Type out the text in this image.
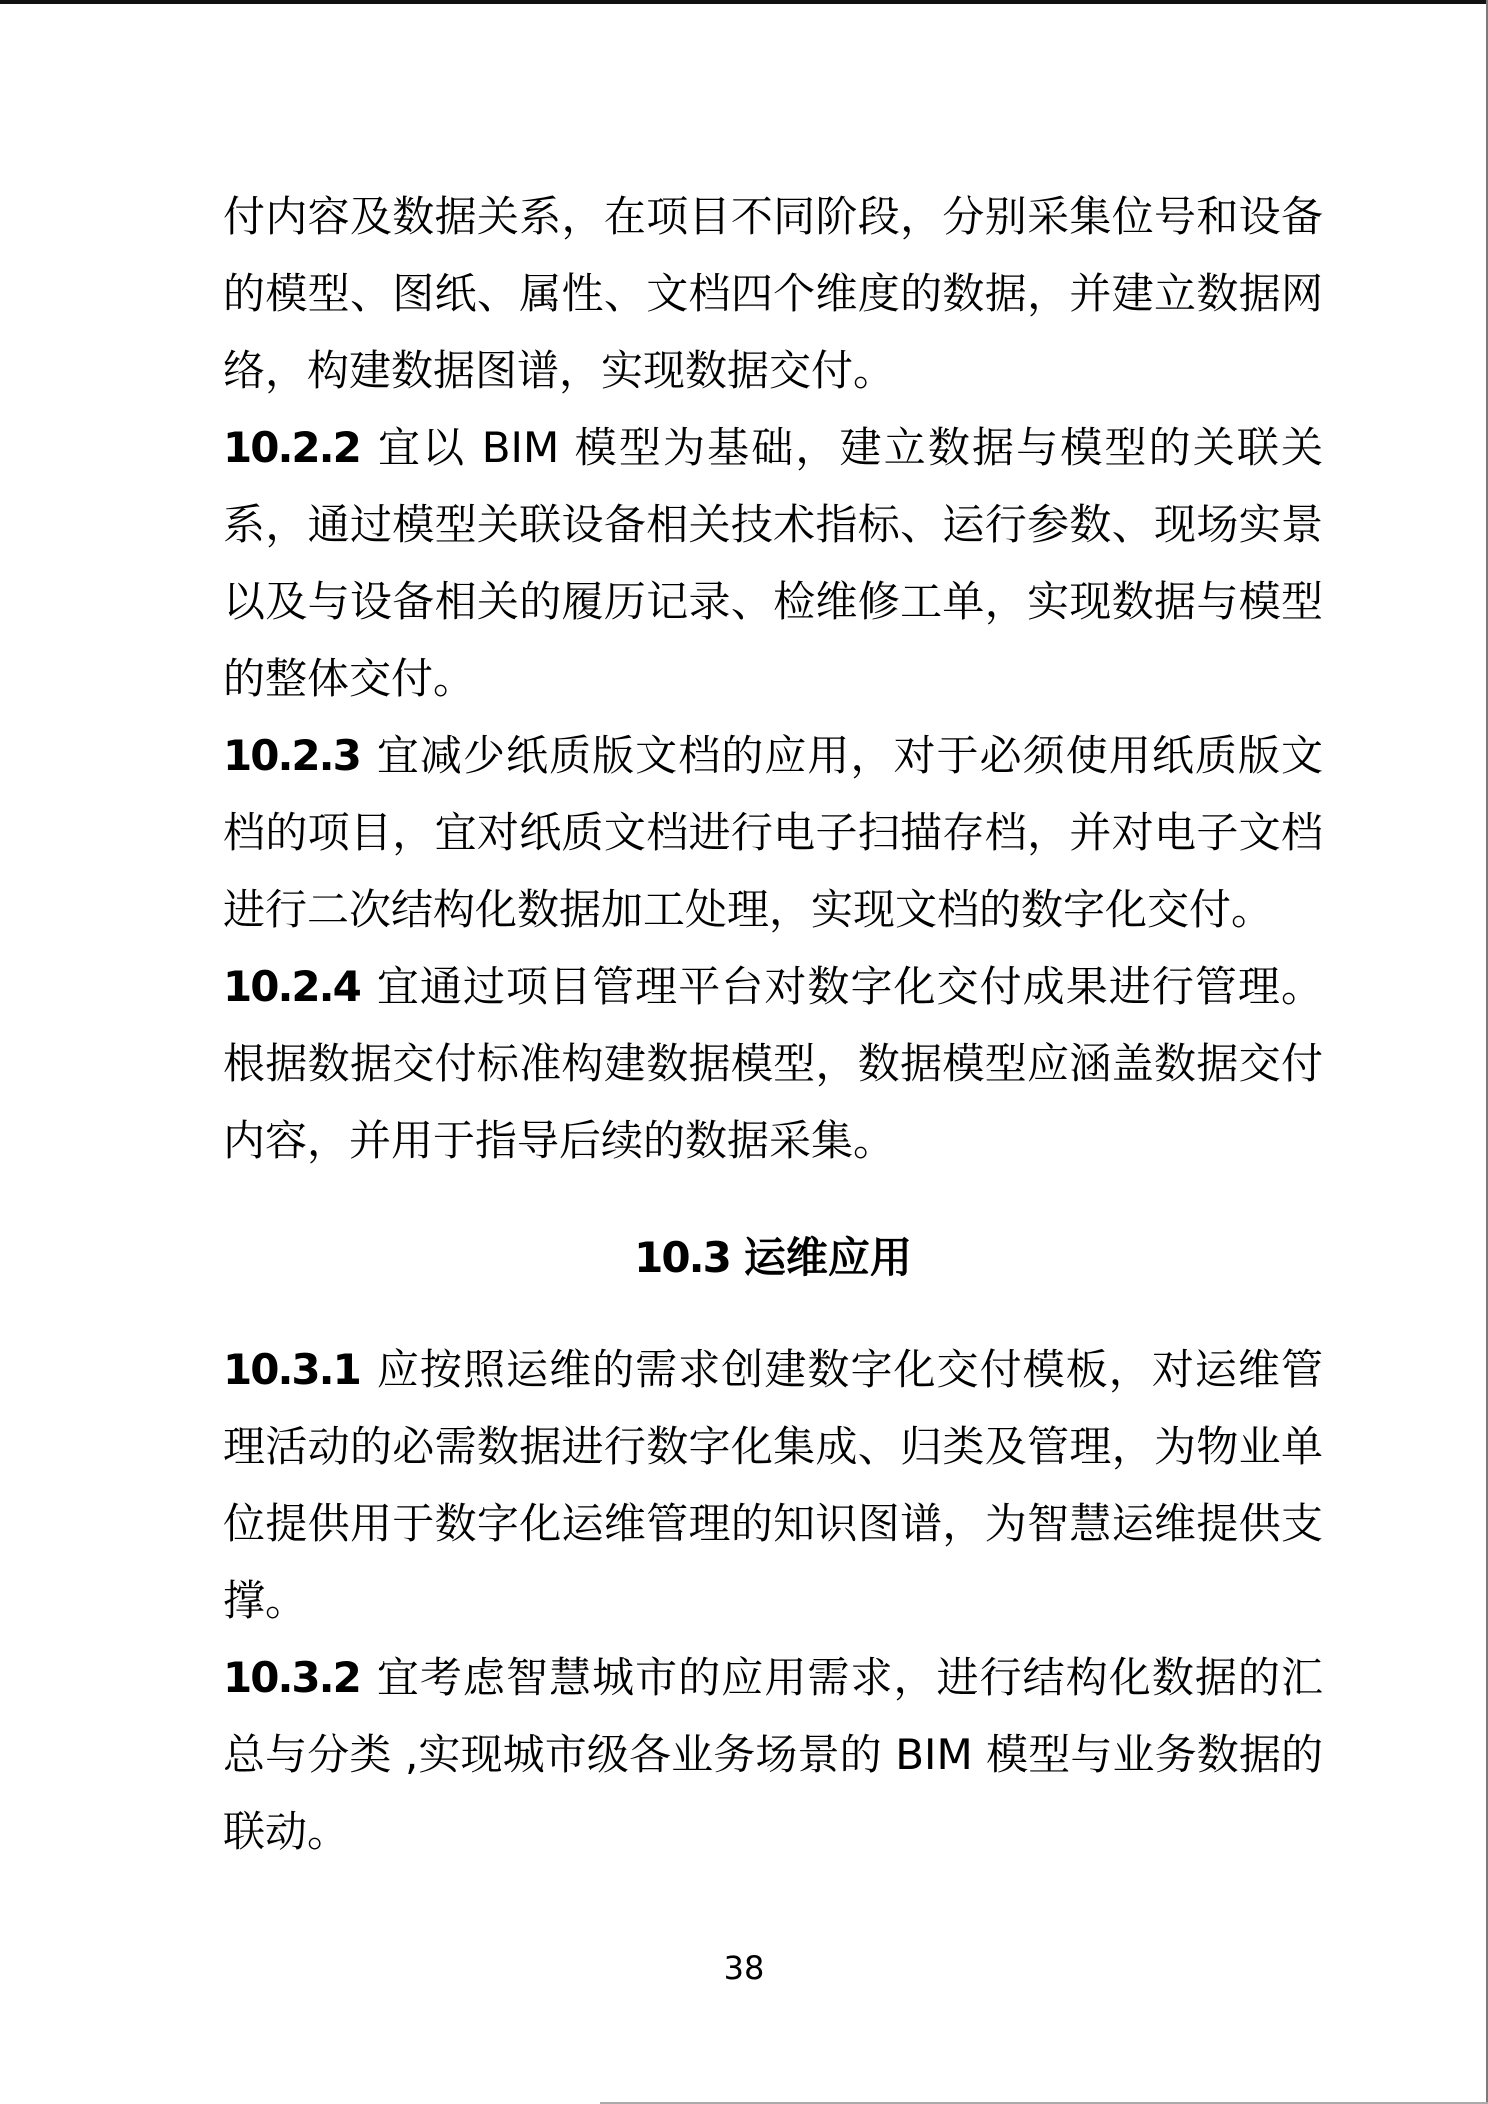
付内容及数据关系，在项目不同阶段，分别采集位号和设备的模型、图纸、属性、文档四个维度的数据，并建立数据网络，构建数据图谱，实现数据交付。

10.2.2 宜以 BIM 模型为基础，建立数据与模型的关联关系，通过模型关联设备相关技术指标、运行参数、现场实景以及与设备相关的履历记录、检维修工单，实现数据与模型的整体交付。

10.2.3 宜减少纸质版文档的应用，对于必须使用纸质版文档的项目，宜对纸质文档进行电子扫描存档，并对电子文档进行二次结构化数据加工处理，实现文档的数字化交付。

10.2.4 宜通过项目管理平台对数字化交付成果进行管理。根据数据交付标准构建数据模型，数据模型应涵盖数据交付内容，并用于指导后续的数据采集。

10.3 运维应用

10.3.1 应按照运维的需求创建数字化交付模板，对运维管理活动的必需数据进行数字化集成、归类及管理，为物业单位提供用于数字化运维管理的知识图谱，为智慧运维提供支撑。

10.3.2 宜考虑智慧城市的应用需求，进行结构化数据的汇总与分类 ,实现城市级各业务场景的 BIM 模型与业务数据的联动。

38
